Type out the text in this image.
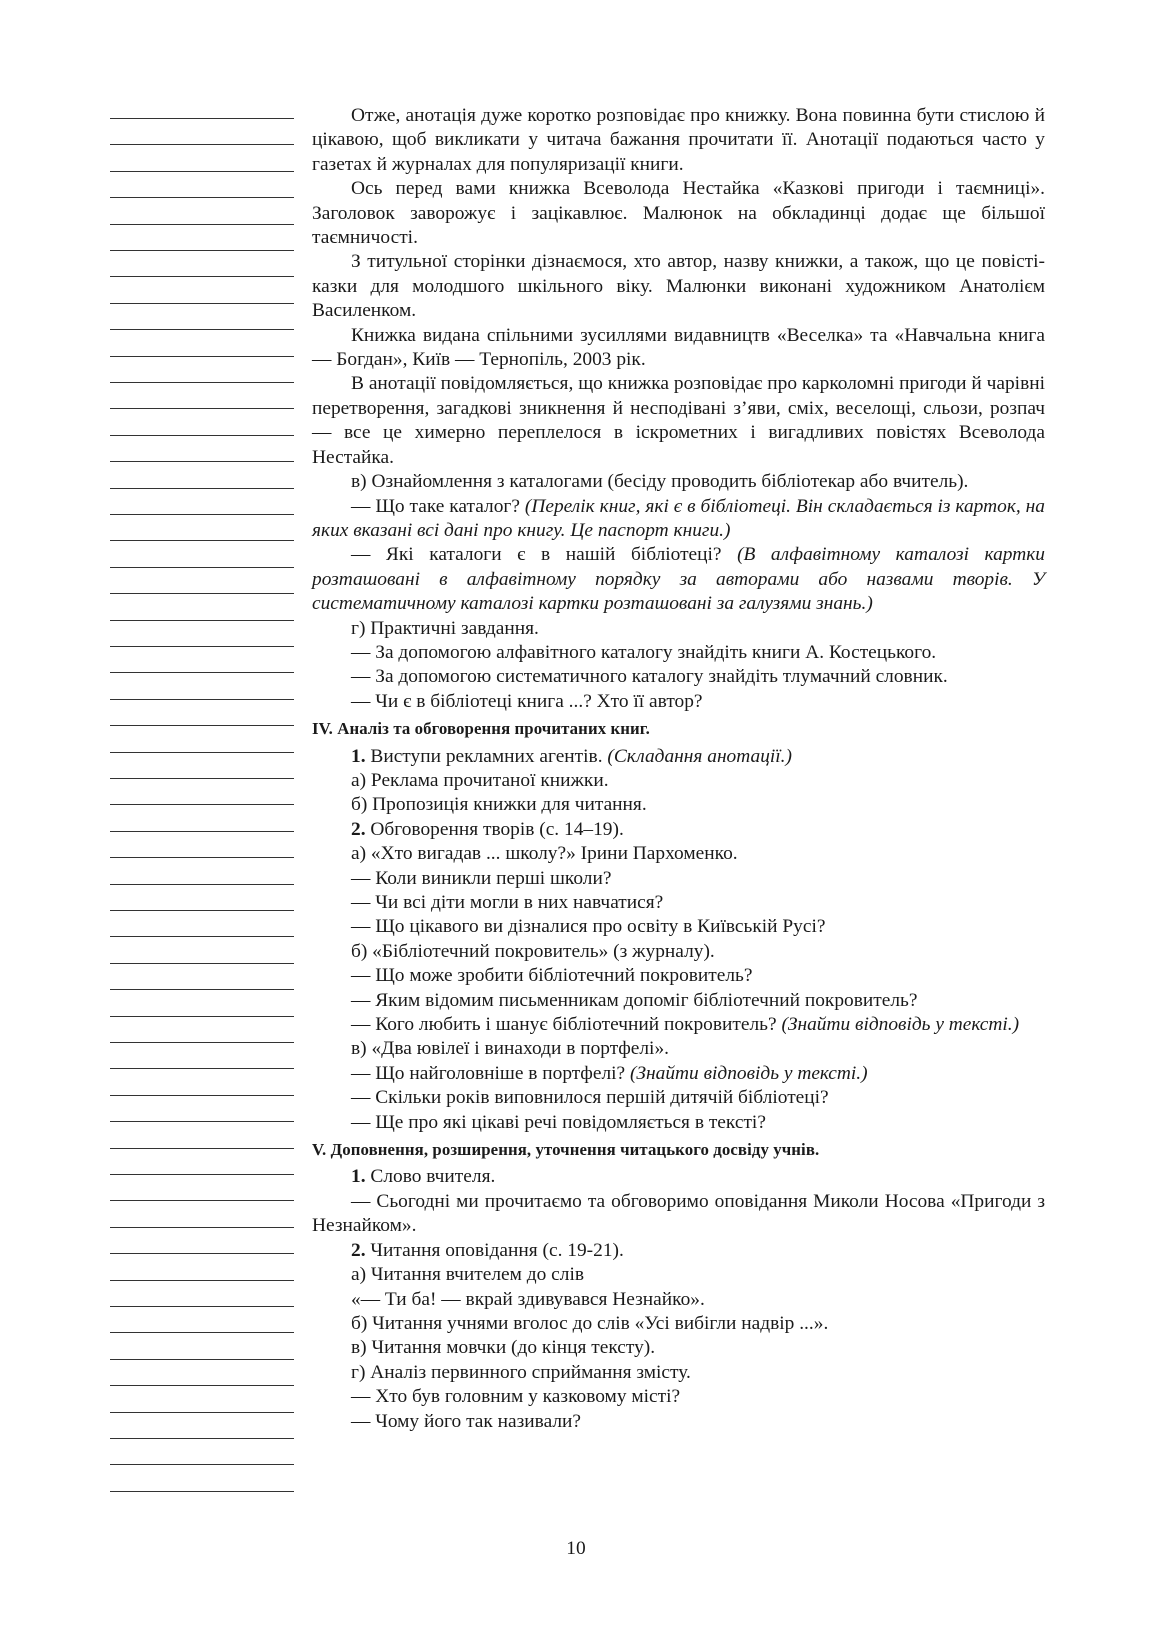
Отже, анотація дуже коротко розповідає про книжку. Вона повинна бути стислою й цікавою, щоб викликати у читача бажання прочитати її. Анотації подаються часто у газетах й журналах для популяризації книги.

Ось перед вами книжка Всеволода Нестайка «Казкові пригоди і таємниці». Заголовок заворожує і зацікавлює. Малюнок на обкладинці додає ще більшої таємничості.

З титульної сторінки дізнаємося, хто автор, назву книжки, а також, що це повісті-казки для молодшого шкільного віку. Малюнки виконані художником Анатолієм Василенком.

Книжка видана спільними зусиллями видавництв «Веселка» та «Навчальна книга — Богдан», Київ — Тернопіль, 2003 рік.

В анотації повідомляється, що книжка розповідає про карколомні пригоди й чарівні перетворення, загадкові зникнення й несподівані з’яви, сміх, веселощі, сльози, розпач — все це химерно переплелося в іскрометних і вигадливих повістях Всеволода Нестайка.

в) Ознайомлення з каталогами (бесіду проводить бібліотекар або вчитель).

— Що таке каталог? (Перелік книг, які є в бібліотеці. Він складається із карток, на яких вказані всі дані про книгу. Це паспорт книги.)

— Які каталоги є в нашій бібліотеці? (В алфавітному каталозі картки розташовані в алфавітному порядку за авторами або назвами творів. У систематичному каталозі картки розташовані за галузями знань.)

г) Практичні завдання.

— За допомогою алфавітного каталогу знайдіть книги А. Костецького.

— За допомогою систематичного каталогу знайдіть тлумачний словник.

— Чи є в бібліотеці книга ...? Хто її автор?

IV. Аналіз та обговорення прочитаних книг.

1. Виступи рекламних агентів. (Складання анотації.)

а) Реклама прочитаної книжки.

б) Пропозиція книжки для читання.

2. Обговорення творів (с. 14–19).

а) «Хто вигадав ... школу?» Ірини Пархоменко.

— Коли виникли перші школи?

— Чи всі діти могли в них навчатися?

— Що цікавого ви дізналися про освіту в Київській Русі?

б) «Бібліотечний покровитель» (з журналу).

— Що може зробити бібліотечний покровитель?

— Яким відомим письменникам допоміг бібліотечний покровитель?

— Кого любить і шанує бібліотечний покровитель? (Знайти відповідь у тексті.)

в) «Два ювілеї і винаходи в портфелі».

— Що найголовніше в портфелі? (Знайти відповідь у тексті.)

— Скільки років виповнилося першій дитячій бібліотеці?

— Ще про які цікаві речі повідомляється в тексті?

V. Доповнення, розширення, уточнення читацького досвіду учнів.

1. Слово вчителя.

— Сьогодні ми прочитаємо та обговоримо оповідання Миколи Носова «Пригоди з Незнайком».

2. Читання оповідання (с. 19-21).

а) Читання вчителем до слів

«— Ти ба! — вкрай здивувався Незнайко».

б) Читання учнями вголос до слів «Усі вибігли надвір ...».

в) Читання мовчки (до кінця тексту).

г) Аналіз первинного сприймання змісту.

— Хто був головним у казковому місті?

— Чому його так називали?

10
